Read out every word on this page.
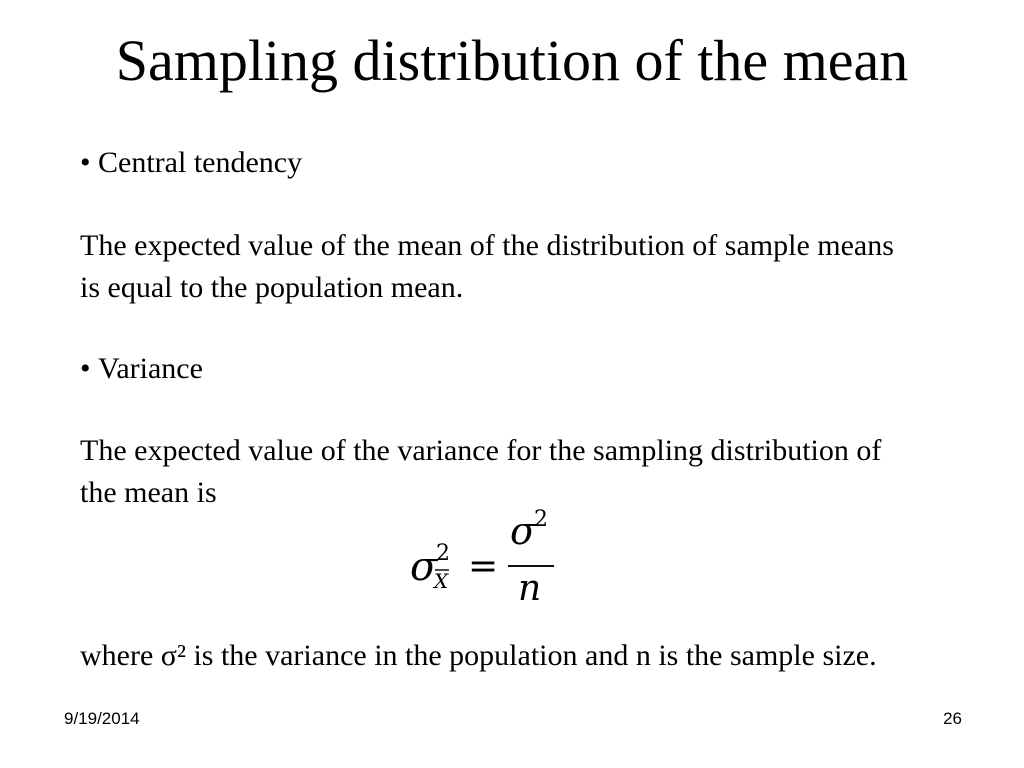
Sampling distribution of the mean

• Central tendency

The expected value of the mean of the distribution of sample means is equal to the population mean.

• Variance

The expected value of the variance for the sampling distribution of the mean is

σ
2
X =
σ
2
n

where σ² is the variance in the population and n is the sample size.

9/19/2014	26
